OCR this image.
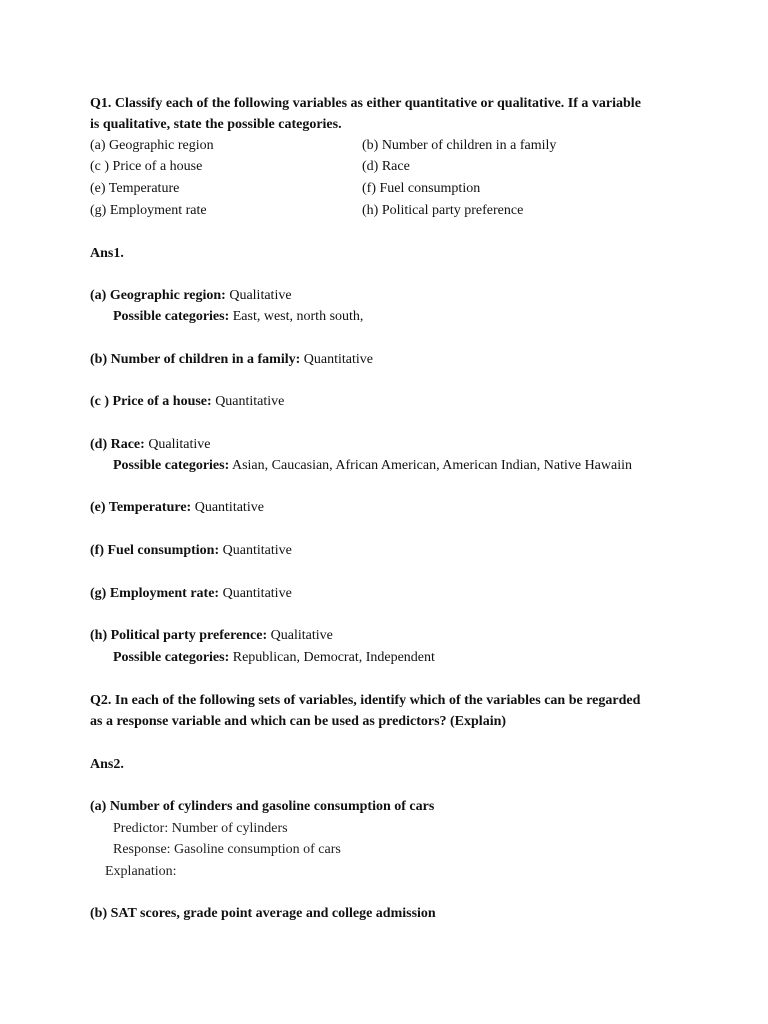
Q1. Classify each of the following variables as either quantitative or qualitative. If a variable
is qualitative, state the possible categories.
(a) Geographic region	(b) Number of children in a family
(c ) Price of a house	(d) Race
(e) Temperature	(f) Fuel consumption
(g) Employment rate	(h) Political party preference
Ans1.
(a) Geographic region: Qualitative
Possible categories: East, west, north south,
(b) Number of children in a family: Quantitative
(c ) Price of a house: Quantitative
(d) Race: Qualitative
Possible categories: Asian, Caucasian, African American, American Indian, Native Hawaiin
(e) Temperature: Quantitative
(f) Fuel consumption: Quantitative
(g) Employment rate: Quantitative
(h) Political party preference: Qualitative
Possible categories: Republican, Democrat, Independent
Q2. In each of the following sets of variables, identify which of the variables can be regarded
as a response variable and which can be used as predictors? (Explain)
Ans2.
(a) Number of cylinders and gasoline consumption of cars
Predictor: Number of cylinders
Response: Gasoline consumption of cars
Explanation:
(b) SAT scores, grade point average and college admission
